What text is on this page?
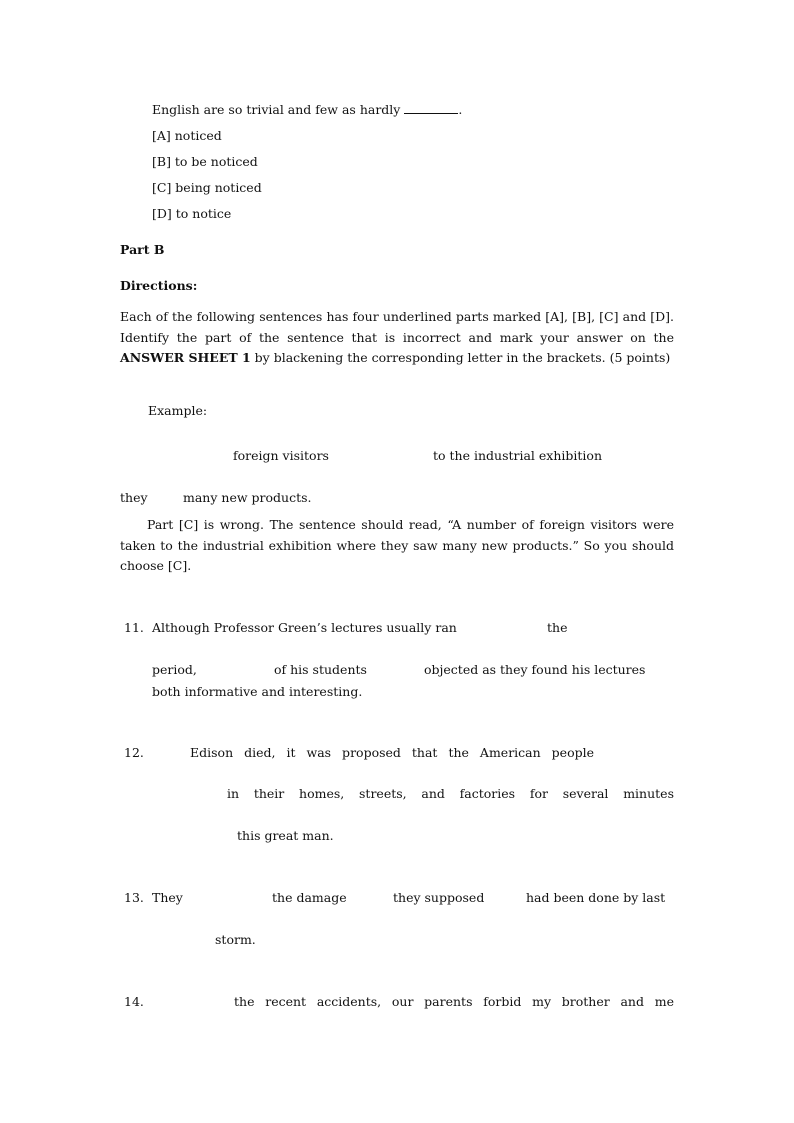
English are so trivial and few as hardly	.
[A] noticed
[B] to be noticed
[C] being noticed
[D] to notice
Part B
Directions:
Each of the following sentences has four underlined parts marked [A], [B], [C] and [D]. Identify the part of the sentence that is incorrect and mark your answer on the ANSWER SHEET 1 by blackening the corresponding letter in the brackets. (5 points)
Example:
foreign visitors	to the industrial exhibition
they	many new products.
Part [C] is wrong. The sentence should read, “A number of foreign visitors were taken to the industrial exhibition where they saw many new products.” So you should choose [C].
11. Although Professor Green’s lectures usually ran	the
period,	of his students	objected as they found his lectures
both informative and interesting.
12.	Edison died, it was proposed that the American people
in their homes, streets, and factories for several minutes
this great man.
13. They	the damage	they supposed	had been done by last
storm.
14.	the recent accidents, our parents forbid my brother and me
